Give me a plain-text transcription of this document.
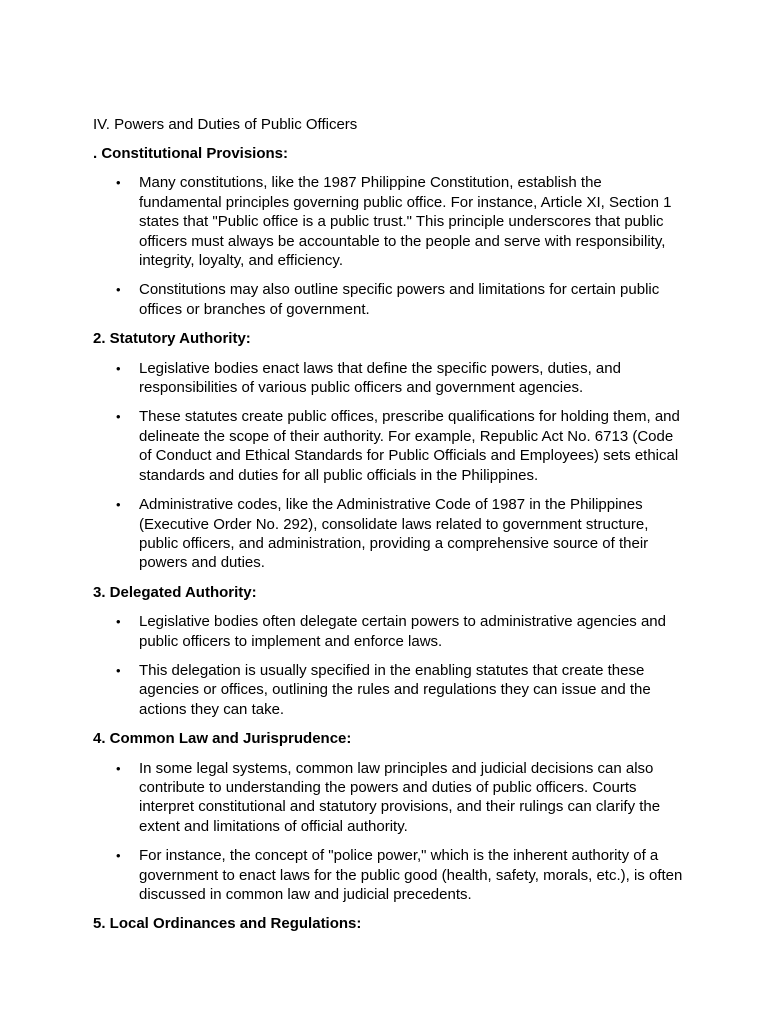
IV. Powers and Duties of Public Officers
. Constitutional Provisions:
• Many constitutions, like the 1987 Philippine Constitution, establish the fundamental principles governing public office. For instance, Article XI, Section 1 states that "Public office is a public trust." This principle underscores that public officers must always be accountable to the people and serve with responsibility, integrity, loyalty, and efficiency.
• Constitutions may also outline specific powers and limitations for certain public offices or branches of government.
2. Statutory Authority:
• Legislative bodies enact laws that define the specific powers, duties, and responsibilities of various public officers and government agencies.
• These statutes create public offices, prescribe qualifications for holding them, and delineate the scope of their authority. For example, Republic Act No. 6713 (Code of Conduct and Ethical Standards for Public Officials and Employees) sets ethical standards and duties for all public officials in the Philippines.
• Administrative codes, like the Administrative Code of 1987 in the Philippines (Executive Order No. 292), consolidate laws related to government structure, public officers, and administration, providing a comprehensive source of their powers and duties.
3. Delegated Authority:
• Legislative bodies often delegate certain powers to administrative agencies and public officers to implement and enforce laws.
• This delegation is usually specified in the enabling statutes that create these agencies or offices, outlining the rules and regulations they can issue and the actions they can take.
4. Common Law and Jurisprudence:
• In some legal systems, common law principles and judicial decisions can also contribute to understanding the powers and duties of public officers. Courts interpret constitutional and statutory provisions, and their rulings can clarify the extent and limitations of official authority.
• For instance, the concept of "police power," which is the inherent authority of a government to enact laws for the public good (health, safety, morals, etc.), is often discussed in common law and judicial precedents.
5. Local Ordinances and Regulations:
